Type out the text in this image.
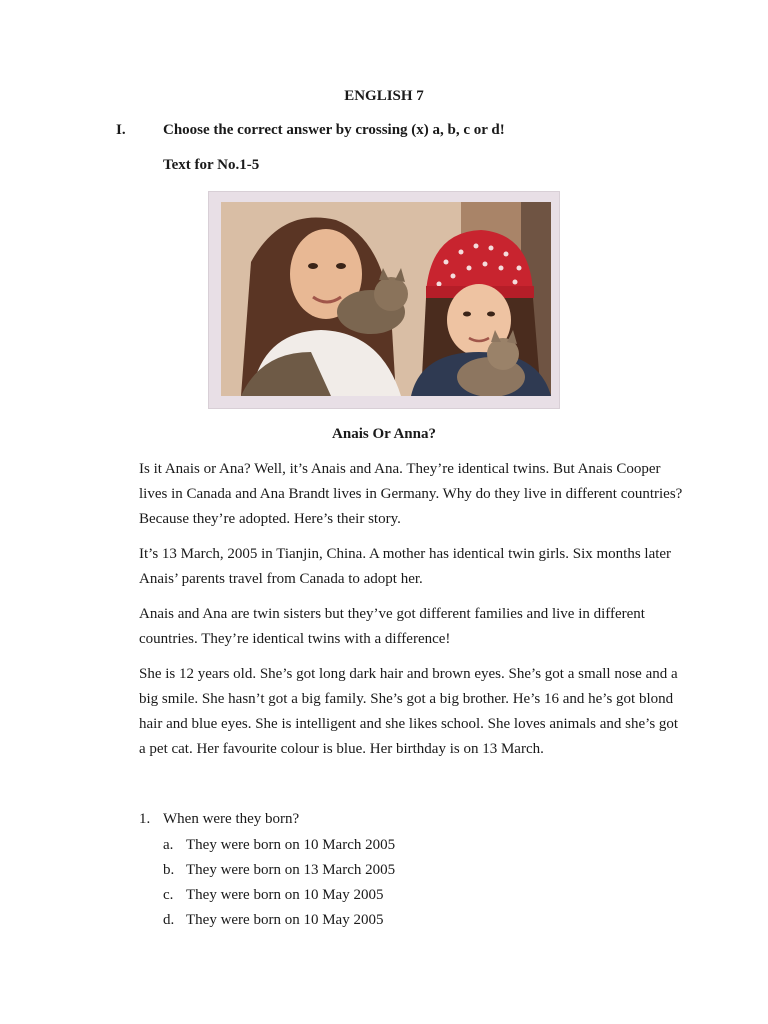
ENGLISH 7
I. Choose the correct answer by crossing (x) a, b, c or d!
Text for No.1-5
Anais Or Anna?
Is it Anais or Ana? Well, it’s Anais and Ana. They’re identical twins. But Anais Cooper lives in Canada and Ana Brandt lives in Germany. Why do they live in different countries? Because they’re adopted. Here’s their story.
It’s 13 March, 2005 in Tianjin, China. A mother has identical twin girls. Six months later Anais’ parents travel from Canada to adopt her.
Anais and Ana are twin sisters but they’ve got different families and live in different countries. They’re identical twins with a difference!
She is 12 years old. She’s got long dark hair and brown eyes. She’s got a small nose and a big smile. She hasn’t got a big family. She’s got a big brother. He’s 16 and he’s got blond hair and blue eyes. She is intelligent and she likes school. She loves animals and she’s got a pet cat. Her favourite colour is blue. Her birthday is on 13 March.
1. When were they born?
a. They were born on 10 March 2005
b. They were born on 13 March 2005
c. They were born on 10 May 2005
d. They were born on 10 May 2005
